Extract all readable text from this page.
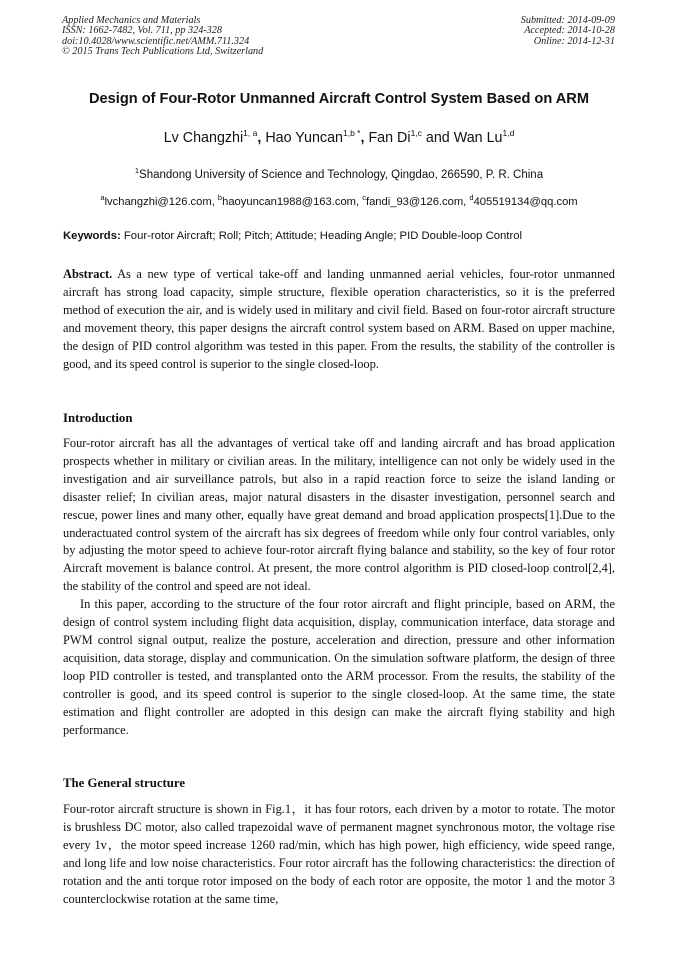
Applied Mechanics and Materials
ISSN: 1662-7482, Vol. 711, pp 324-328
doi:10.4028/www.scientific.net/AMM.711.324
© 2015 Trans Tech Publications Ltd, Switzerland
Submitted: 2014-09-09
Accepted: 2014-10-28
Online: 2014-12-31
Design of Four-Rotor Unmanned Aircraft Control System Based on ARM
Lv Changzhi$^{1, a}$, Hao Yuncan$^{1,b *}$, Fan Di$^{1,c}$ and Wan Lu$^{1,d}$
$^1$Shandong University of Science and Technology, Qingdao, 266590, P. R. China
$^a$lvchangzhi@126.com, $^b$haoyuncan1988@163.com, $^c$fandi_93@126.com, $^d$405519134@qq.com
Keywords: Four-rotor Aircraft; Roll; Pitch; Attitude; Heading Angle; PID Double-loop Control

Abstract. As a new type of vertical take-off and landing unmanned aerial vehicles, four-rotor unmanned aircraft has strong load capacity, simple structure, flexible operation characteristics, so it is the preferred method of execution the air, and is widely used in military and civil field. Based on four-rotor aircraft structure and movement theory, this paper designs the aircraft control system based on ARM. Based on upper machine, the design of PID control algorithm was tested in this paper. From the results, the stability of the controller is good, and its speed control is superior to the single closed-loop.

Introduction

Four-rotor aircraft has all the advantages of vertical take off and landing aircraft and has broad application prospects whether in military or civilian areas. In the military, intelligence can not only be widely used in the investigation and air surveillance patrols, but also in a rapid reaction force to seize the island landing or disaster relief; In civilian areas, major natural disasters in the disaster investigation, personnel search and rescue, power lines and many other, equally have great demand and broad application prospects[1].Due to the underactuated control system of the aircraft has six degrees of freedom while only four control variables, only by adjusting the motor speed to achieve four-rotor aircraft flying balance and stability, so the key of four rotor Aircraft movement is balance control. At present, the more control algorithm is PID closed-loop control[2,4], the stability of the control and speed are not ideal.

In this paper, according to the structure of the four rotor aircraft and flight principle, based on ARM, the design of control system including flight data acquisition, display, communication interface, data storage and PWM control signal output, realize the posture, acceleration and direction, pressure and other information acquisition, data storage, display and communication. On the simulation software platform, the design of three loop PID controller is tested, and transplanted onto the ARM processor. From the results, the stability of the controller is good, and its speed control is superior to the single closed-loop. At the same time, the state estimation and flight controller are adopted in this design can make the aircraft flying stability and high performance.

The General structure

Four-rotor aircraft structure is shown in Fig.1，it has four rotors, each driven by a motor to rotate. The motor is brushless DC motor, also called trapezoidal wave of permanent magnet synchronous motor, the voltage rise every 1v，the motor speed increase 1260 rad/min, which has high power, high efficiency, wide speed range, and long life and low noise characteristics. Four rotor aircraft has the following characteristics: the direction of rotation and the anti torque rotor imposed on the body of each rotor are opposite, the motor 1 and the motor 3 counterclockwise rotation at the same time,
